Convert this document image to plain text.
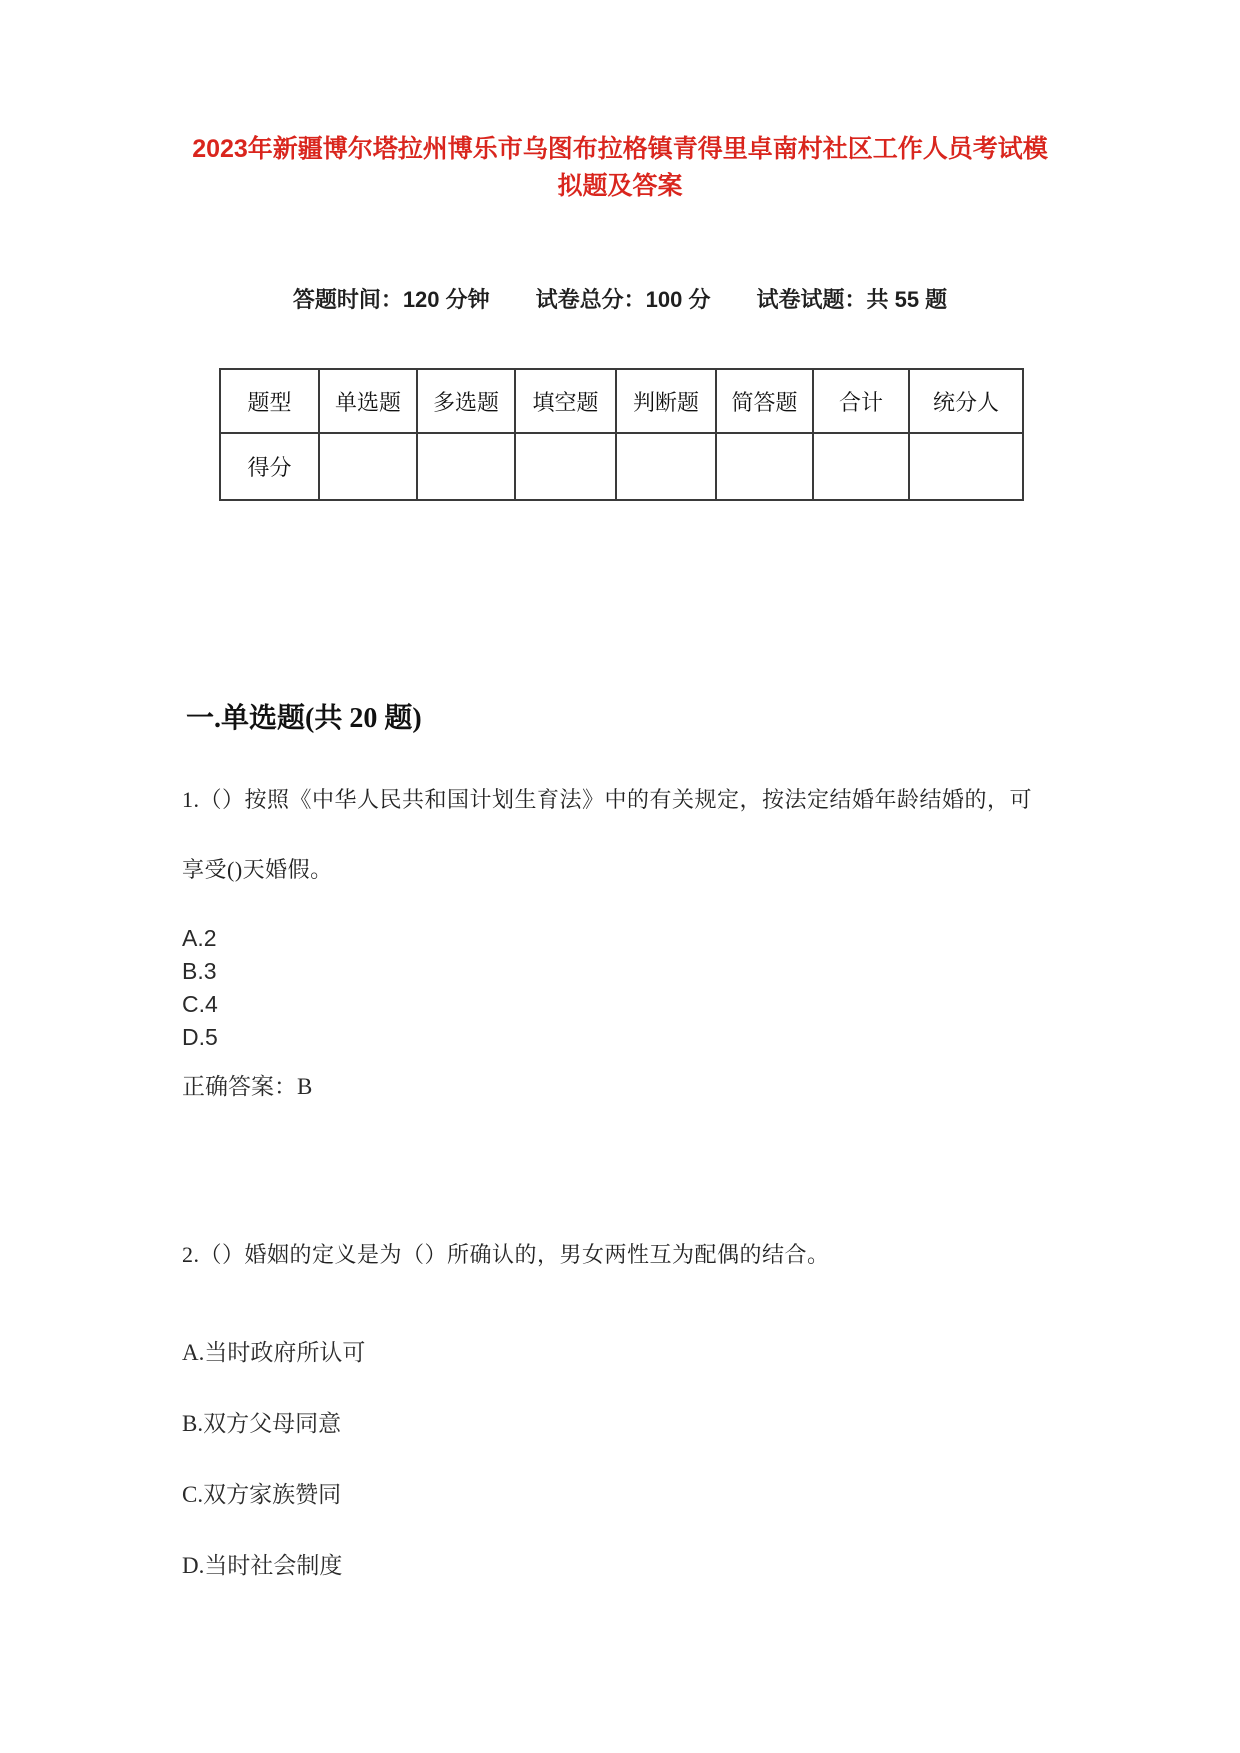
2023年新疆博尔塔拉州博乐市乌图布拉格镇青得里卓南村社区工作人员考试模
拟题及答案
答题时间：120 分钟 试卷总分：100 分 试卷试题：共 55 题
题型	单选题	多选题	填空题	判断题	简答题	合计	统分人
得分							
一.单选题(共 20 题)
1.（）按照《中华人民共和国计划生育法》中的有关规定，按法定结婚年龄结婚的，可
享受()天婚假。
A.2
B.3
C.4
D.5
正确答案：B
2.（）婚姻的定义是为（）所确认的，男女两性互为配偶的结合。
A.当时政府所认可
B.双方父母同意
C.双方家族赞同
D.当时社会制度
